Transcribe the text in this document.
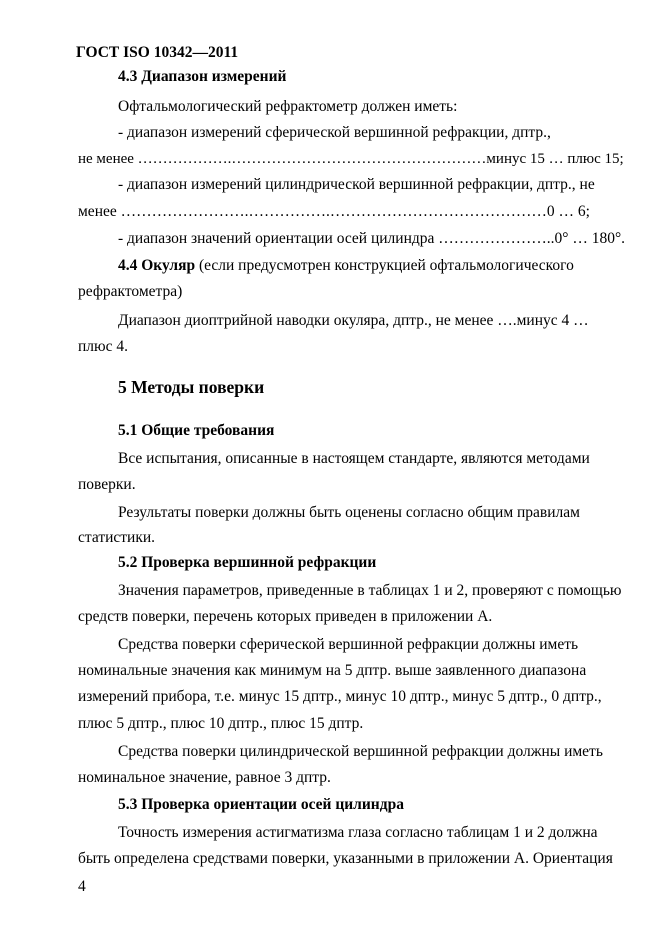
ГОСТ ISO 10342—2011
4.3 Диапазон измерений
Офтальмологический рефрактометр должен иметь:
- диапазон измерений сферической вершинной рефракции, дптр.,
не менее ……………….……………………………………………минус 15 … плюс 15;
- диапазон измерений цилиндрической вершинной рефракции, дптр., не
менее …………………….…………….……………………………………0 … 6;
- диапазон значений ориентации осей цилиндра …………………..0° … 180°.
4.4 Окуляр (если предусмотрен конструкцией офтальмологического
рефрактометра)
Диапазон диоптрийной наводки окуляра, дптр., не менее ….минус 4 …
плюс 4.
5 Методы поверки
5.1 Общие требования
Все испытания, описанные в настоящем стандарте, являются методами
поверки.
Результаты поверки должны быть оценены согласно общим правилам
статистики.
5.2 Проверка вершинной рефракции
Значения параметров, приведенные в таблицах 1 и 2, проверяют с помощью
средств поверки, перечень которых приведен в приложении А.
Средства поверки сферической вершинной рефракции должны иметь
номинальные значения как минимум на 5 дптр. выше заявленного диапазона
измерений прибора, т.е. минус 15 дптр., минус 10 дптр., минус 5 дптр., 0 дптр.,
плюс 5 дптр., плюс 10 дптр., плюс 15 дптр.
Средства поверки цилиндрической вершинной рефракции должны иметь
номинальное значение, равное 3 дптр.
5.3 Проверка ориентации осей цилиндра
Точность измерения астигматизма глаза согласно таблицам 1 и 2 должна
быть определена средствами поверки, указанными в приложении А. Ориентация
4
